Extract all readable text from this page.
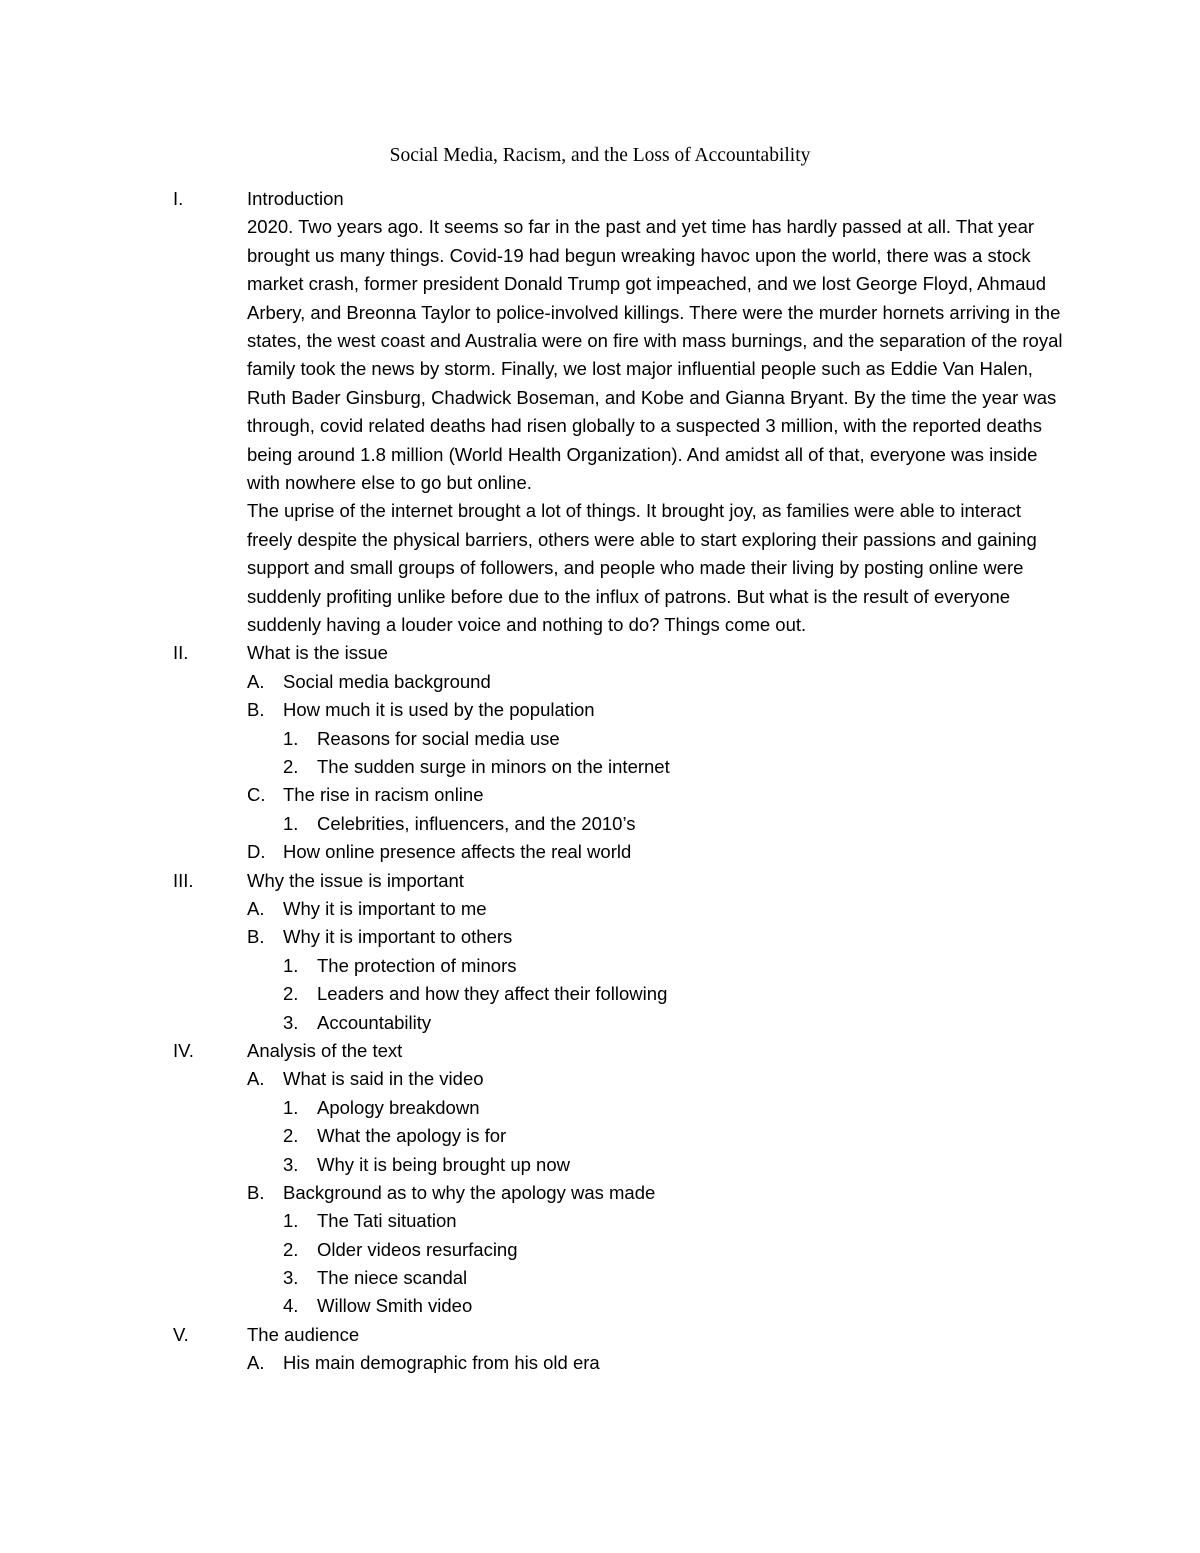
Social Media, Racism, and the Loss of Accountability
I.	Introduction

2020. Two years ago. It seems so far in the past and yet time has hardly passed at all. That year brought us many things. Covid-19 had begun wreaking havoc upon the world, there was a stock market crash, former president Donald Trump got impeached, and we lost George Floyd, Ahmaud Arbery, and Breonna Taylor to police-involved killings. There were the murder hornets arriving in the states, the west coast and Australia were on fire with mass burnings, and the separation of the royal family took the news by storm. Finally, we lost major influential people such as Eddie Van Halen, Ruth Bader Ginsburg, Chadwick Boseman, and Kobe and Gianna Bryant. By the time the year was through, covid related deaths had risen globally to a suspected 3 million, with the reported deaths being around 1.8 million (World Health Organization). And amidst all of that, everyone was inside with nowhere else to go but online.

The uprise of the internet brought a lot of things. It brought joy, as families were able to interact freely despite the physical barriers, others were able to start exploring their passions and gaining support and small groups of followers, and people who made their living by posting online were suddenly profiting unlike before due to the influx of patrons. But what is the result of everyone suddenly having a louder voice and nothing to do? Things come out.

II.	What is the issue
A. Social media background
B. How much it is used by the population
1. Reasons for social media use
2. The sudden surge in minors on the internet
C. The rise in racism online
1. Celebrities, influencers, and the 2010’s
D. How online presence affects the real world
III.	Why the issue is important
A. Why it is important to me
B. Why it is important to others
1. The protection of minors
2. Leaders and how they affect their following
3. Accountability
IV.	Analysis of the text
A. What is said in the video
1. Apology breakdown
2. What the apology is for
3. Why it is being brought up now
B. Background as to why the apology was made
1. The Tati situation
2. Older videos resurfacing
3. The niece scandal
4. Willow Smith video
V.	The audience
A. His main demographic from his old era
